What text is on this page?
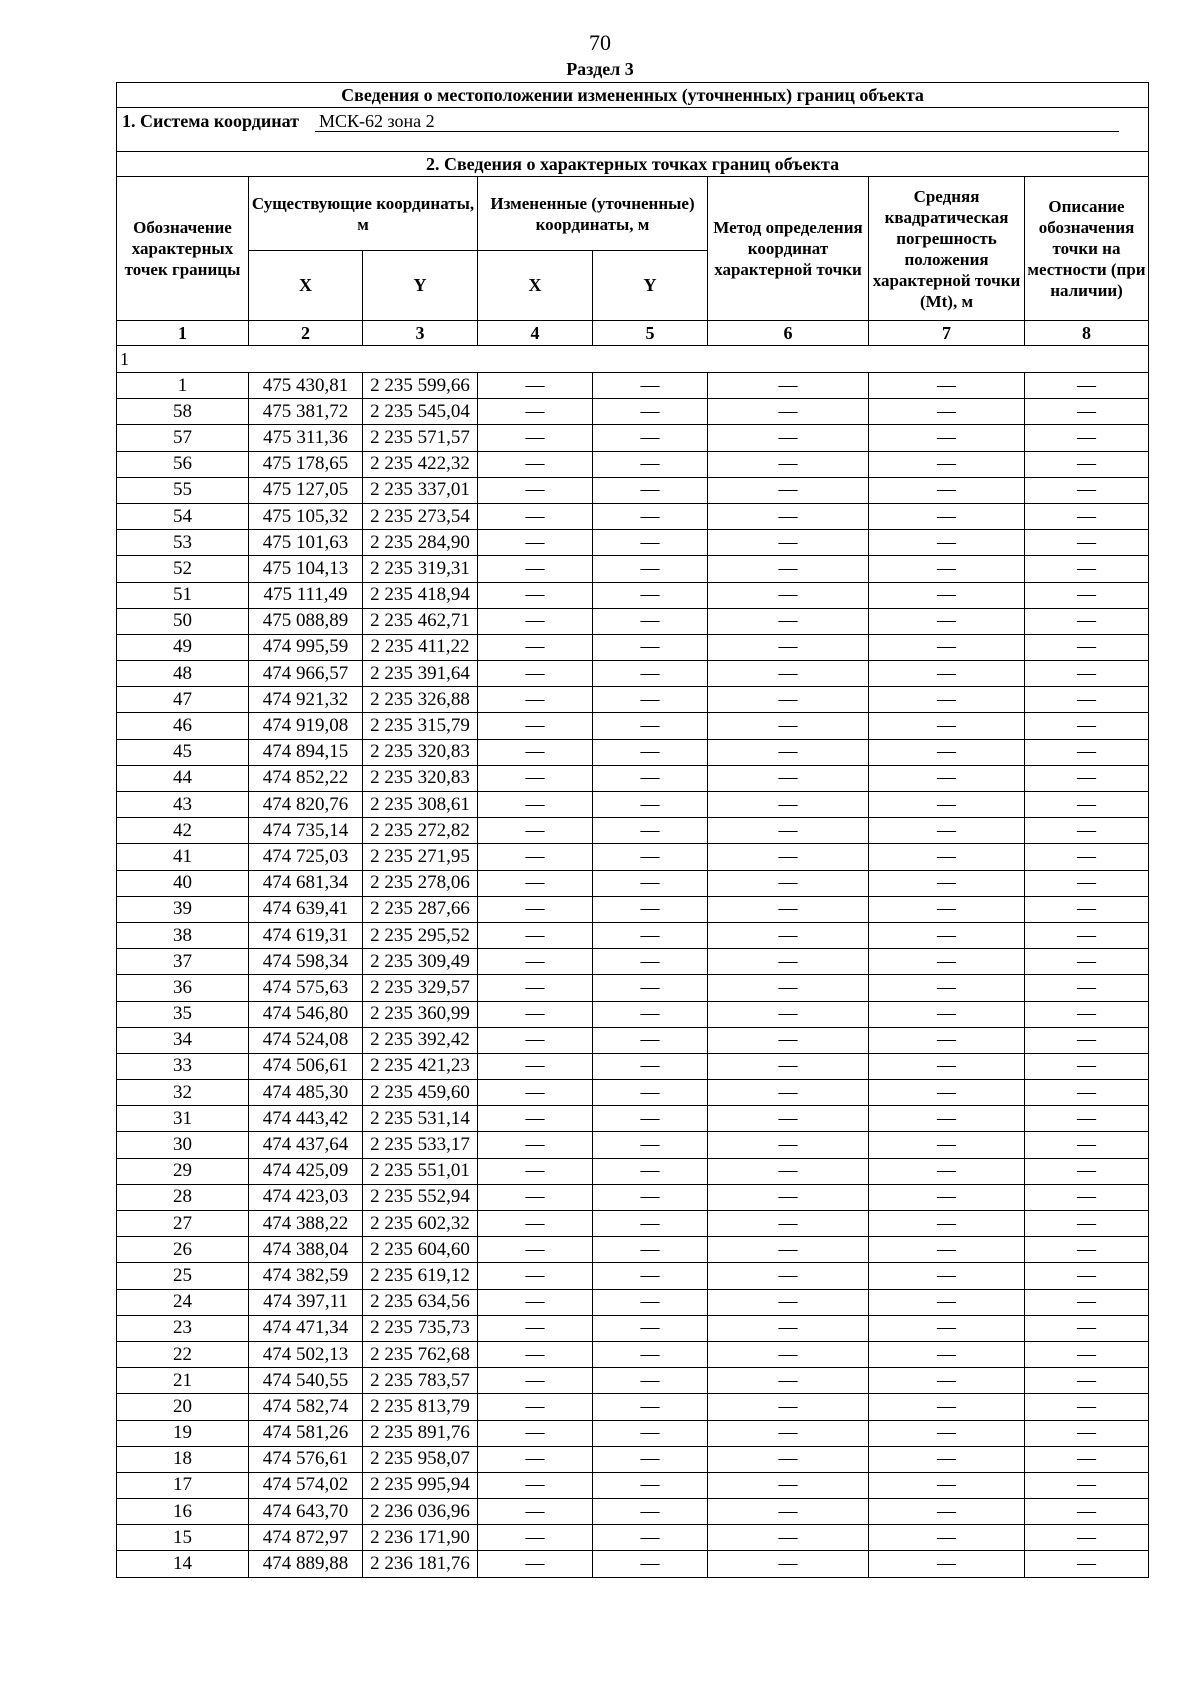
70
Раздел 3
Сведения о местоположении измененных (уточненных) границ объекта							
1. Система координат МСК-62 зона 2							
2. Сведения о характерных точках границ объекта							
Обозначение характерных точек границы	Существующие координаты, м		Измененные (уточненные) координаты, м		Метод определения координат характерной точки	Средняя квадратическая погрешность положения характерной точки (Mt), м	Описание обозначения точки на местности (при наличии)
	X	Y	X	Y			
1	2	3	4	5	6	7	8
1							
1	475 430,81	2 235 599,66	—	—	—	—	—
58	475 381,72	2 235 545,04	—	—	—	—	—
57	475 311,36	2 235 571,57	—	—	—	—	—
56	475 178,65	2 235 422,32	—	—	—	—	—
55	475 127,05	2 235 337,01	—	—	—	—	—
54	475 105,32	2 235 273,54	—	—	—	—	—
53	475 101,63	2 235 284,90	—	—	—	—	—
52	475 104,13	2 235 319,31	—	—	—	—	—
51	475 111,49	2 235 418,94	—	—	—	—	—
50	475 088,89	2 235 462,71	—	—	—	—	—
49	474 995,59	2 235 411,22	—	—	—	—	—
48	474 966,57	2 235 391,64	—	—	—	—	—
47	474 921,32	2 235 326,88	—	—	—	—	—
46	474 919,08	2 235 315,79	—	—	—	—	—
45	474 894,15	2 235 320,83	—	—	—	—	—
44	474 852,22	2 235 320,83	—	—	—	—	—
43	474 820,76	2 235 308,61	—	—	—	—	—
42	474 735,14	2 235 272,82	—	—	—	—	—
41	474 725,03	2 235 271,95	—	—	—	—	—
40	474 681,34	2 235 278,06	—	—	—	—	—
39	474 639,41	2 235 287,66	—	—	—	—	—
38	474 619,31	2 235 295,52	—	—	—	—	—
37	474 598,34	2 235 309,49	—	—	—	—	—
36	474 575,63	2 235 329,57	—	—	—	—	—
35	474 546,80	2 235 360,99	—	—	—	—	—
34	474 524,08	2 235 392,42	—	—	—	—	—
33	474 506,61	2 235 421,23	—	—	—	—	—
32	474 485,30	2 235 459,60	—	—	—	—	—
31	474 443,42	2 235 531,14	—	—	—	—	—
30	474 437,64	2 235 533,17	—	—	—	—	—
29	474 425,09	2 235 551,01	—	—	—	—	—
28	474 423,03	2 235 552,94	—	—	—	—	—
27	474 388,22	2 235 602,32	—	—	—	—	—
26	474 388,04	2 235 604,60	—	—	—	—	—
25	474 382,59	2 235 619,12	—	—	—	—	—
24	474 397,11	2 235 634,56	—	—	—	—	—
23	474 471,34	2 235 735,73	—	—	—	—	—
22	474 502,13	2 235 762,68	—	—	—	—	—
21	474 540,55	2 235 783,57	—	—	—	—	—
20	474 582,74	2 235 813,79	—	—	—	—	—
19	474 581,26	2 235 891,76	—	—	—	—	—
18	474 576,61	2 235 958,07	—	—	—	—	—
17	474 574,02	2 235 995,94	—	—	—	—	—
16	474 643,70	2 236 036,96	—	—	—	—	—
15	474 872,97	2 236 171,90	—	—	—	—	—
14	474 889,88	2 236 181,76	—	—	—	—	—
